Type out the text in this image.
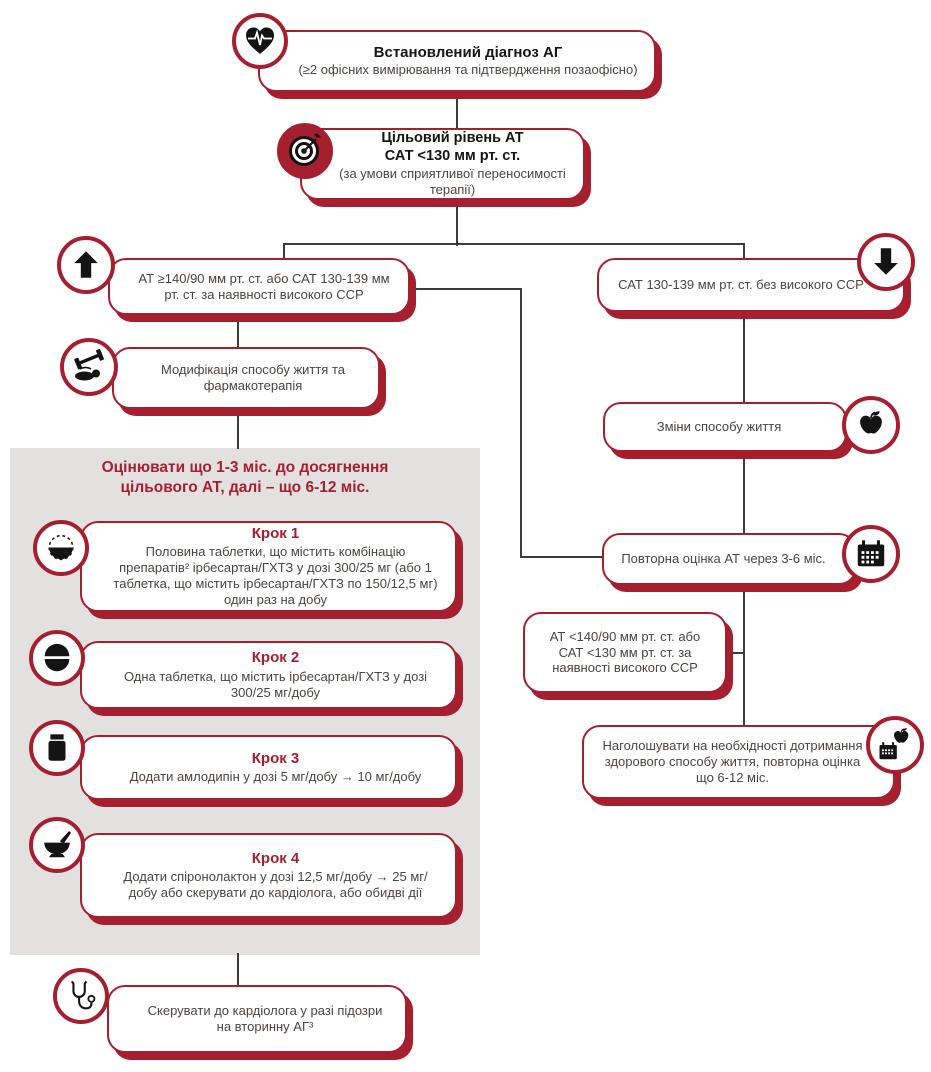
Встановлений діагноз АГ
(≥2 офісних вимірювання та підтвердження позаофісно)
Цільовий рівень АТ
САТ <130 мм рт. ст.
(за умови сприятливої переносимості терапії)
АТ ≥140/90 мм рт. ст. або САТ 130-139 мм рт. ст. за наявності високого ССР
САТ 130-139 мм рт. ст. без високого ССР
Модифікація способу життя та фармакотерапія
Оцінювати що 1-3 міс. до досягнення цільового АТ, далі – що 6-12 міс.
Крок 1
Половина таблетки, що містить комбінацію препаратів² ірбесартан/ГХТЗ у дозі 300/25 мг (або 1 таблетка, що містить ірбесартан/ГХТЗ по 150/12,5 мг) один раз на добу
Крок 2
Одна таблетка, що містить ірбесартан/ГХТЗ у дозі 300/25 мг/добу
Крок 3
Додати амлодипін у дозі 5 мг/добу → 10 мг/добу
Крок 4
Додати спіронолактон у дозі 12,5 мг/добу → 25 мг/добу або скерувати до кардіолога, або обидві дії
Скерувати до кардіолога у разі підозри на вторинну АГ³
Зміни способу життя
Повторна оцінка АТ через 3-6 міс.
АТ <140/90 мм рт. ст. або САТ <130 мм рт. ст. за наявності високого ССР
Наголошувати на необхідності дотримання здорового способу життя, повторна оцінка що 6-12 міс.
